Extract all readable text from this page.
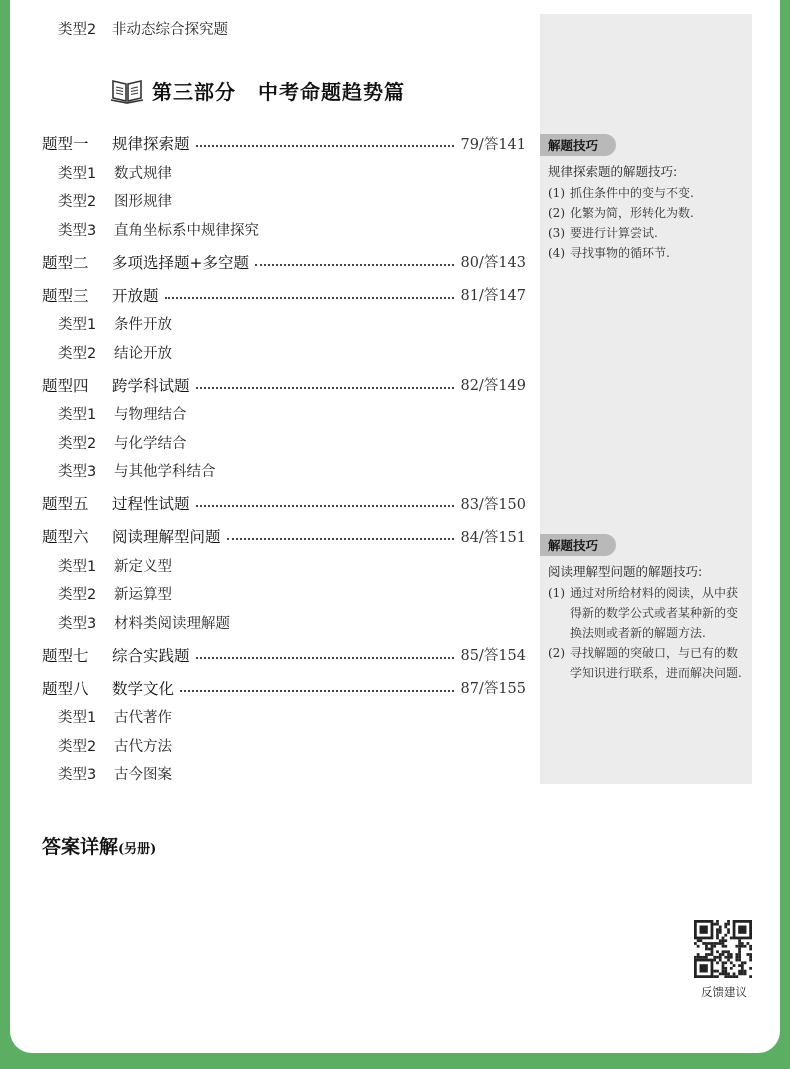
类型2 非动态综合探究题
第三部分 中考命题趋势篇
题型一	规律探索题	79/答141
类型1	数式规律
类型2	图形规律
类型3	直角坐标系中规律探究
题型二	多项选择题+多空题	80/答143
题型三	开放题	81/答147
类型1	条件开放
类型2	结论开放
题型四	跨学科试题	82/答149
类型1	与物理结合
类型2	与化学结合
类型3	与其他学科结合
题型五	过程性试题	83/答150
题型六	阅读理解型问题	84/答151
类型1	新定义型
类型2	新运算型
类型3	材料类阅读理解题
题型七	综合实践题	85/答154
题型八	数学文化	87/答155
类型1	古代著作
类型2	古代方法
类型3	古今图案
解题技巧
规律探索题的解题技巧:
(1) 抓住条件中的变与不变.
(2) 化繁为简，形转化为数.
(3) 要进行计算尝试.
(4) 寻找事物的循环节.
解题技巧
阅读理解型问题的解题技巧:
(1) 通过对所给材料的阅读，从中获得新的数学公式或者某种新的变换法则或者新的解题方法.
(2) 寻找解题的突破口，与已有的数学知识进行联系，进而解决问题.
答案详解(另册)
反馈建议
